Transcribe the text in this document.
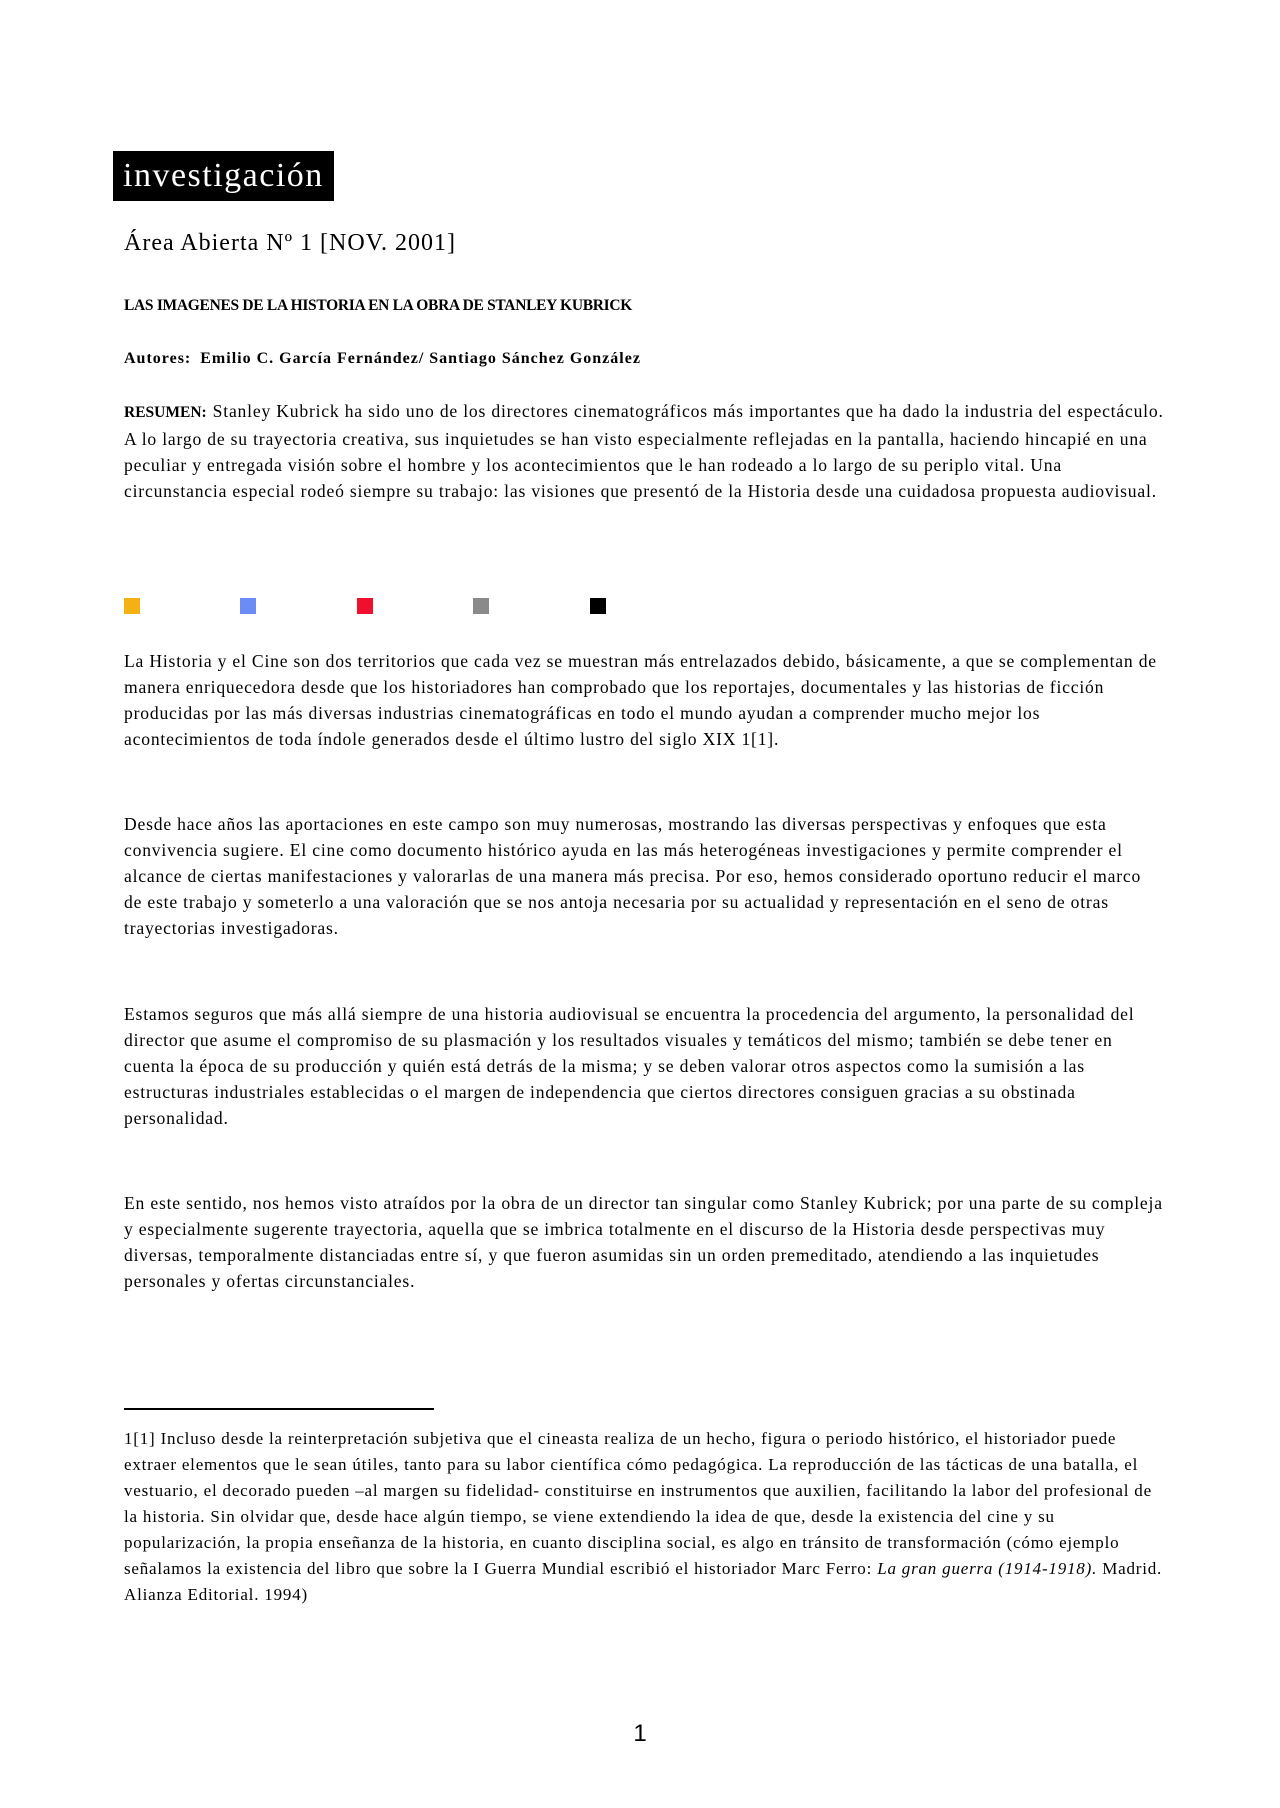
investigación
Área Abierta Nº 1 [NOV. 2001]
LAS IMAGENES DE LA HISTORIA EN LA OBRA DE STANLEY KUBRICK
Autores: Emilio C. García Fernández/ Santiago Sánchez González

RESUMEN: Stanley Kubrick ha sido uno de los directores cinematográficos más importantes que ha dado la industria del espectáculo. A lo largo de su trayectoria creativa, sus inquietudes se han visto especialmente reflejadas en la pantalla, haciendo hincapié en una peculiar y entregada visión sobre el hombre y los acontecimientos que le han rodeado a lo largo de su periplo vital. Una circunstancia especial rodeó siempre su trabajo: las visiones que presentó de la Historia desde una cuidadosa propuesta audiovisual.

La Historia y el Cine son dos territorios que cada vez se muestran más entrelazados debido, básicamente, a que se complementan de manera enriquecedora desde que los historiadores han comprobado que los reportajes, documentales y las historias de ficción producidas por las más diversas industrias cinematográficas en todo el mundo ayudan a comprender mucho mejor los acontecimientos de toda índole generados desde el último lustro del siglo XIX 1[1].

Desde hace años las aportaciones en este campo son muy numerosas, mostrando las diversas perspectivas y enfoques que esta convivencia sugiere. El cine como documento histórico ayuda en las más heterogéneas investigaciones y permite comprender el alcance de ciertas manifestaciones y valorarlas de una manera más precisa. Por eso, hemos considerado oportuno reducir el marco de este trabajo y someterlo a una valoración que se nos antoja necesaria por su actualidad y representación en el seno de otras trayectorias investigadoras.

Estamos seguros que más allá siempre de una historia audiovisual se encuentra la procedencia del argumento, la personalidad del director que asume el compromiso de su plasmación y los resultados visuales y temáticos del mismo; también se debe tener en cuenta la época de su producción y quién está detrás de la misma; y se deben valorar otros aspectos como la sumisión a las estructuras industriales establecidas o el margen de independencia que ciertos directores consiguen gracias a su obstinada personalidad.

En este sentido, nos hemos visto atraídos por la obra de un director tan singular como Stanley Kubrick; por una parte de su compleja y especialmente sugerente trayectoria, aquella que se imbrica totalmente en el discurso de la Historia desde perspectivas muy diversas, temporalmente distanciadas entre sí, y que fueron asumidas sin un orden premeditado, atendiendo a las inquietudes personales y ofertas circunstanciales.

1[1] Incluso desde la reinterpretación subjetiva que el cineasta realiza de un hecho, figura o periodo histórico, el historiador puede extraer elementos que le sean útiles, tanto para su labor científica cómo pedagógica. La reproducción de las tácticas de una batalla, el vestuario, el decorado pueden –al margen su fidelidad- constituirse en instrumentos que auxilien, facilitando la labor del profesional de la historia. Sin olvidar que, desde hace algún tiempo, se viene extendiendo la idea de que, desde la existencia del cine y su popularización, la propia enseñanza de la historia, en cuanto disciplina social, es algo en tránsito de transformación (cómo ejemplo señalamos la existencia del libro que sobre la I Guerra Mundial escribió el historiador Marc Ferro: La gran guerra (1914-1918). Madrid. Alianza Editorial. 1994)

1
